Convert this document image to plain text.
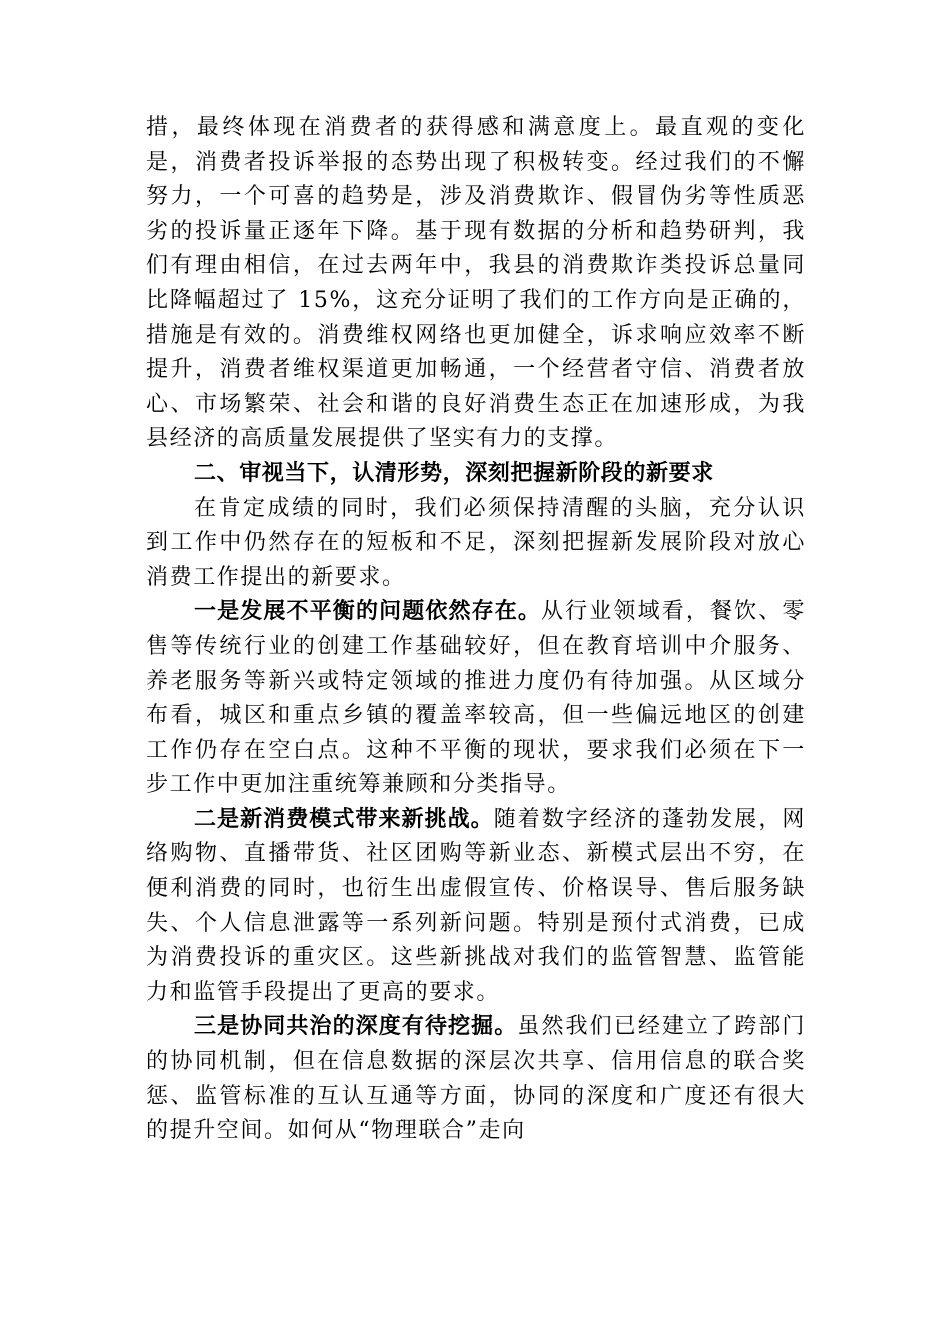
措，最终体现在消费者的获得感和满意度上。最直观的变化是，消费者投诉举报的态势出现了积极转变。经过我们的不懈努力，一个可喜的趋势是，涉及消费欺诈、假冒伪劣等性质恶劣的投诉量正逐年下降。基于现有数据的分析和趋势研判，我们有理由相信，在过去两年中，我县的消费欺诈类投诉总量同比降幅超过了 15%，这充分证明了我们的工作方向是正确的，措施是有效的。消费维权网络也更加健全，诉求响应效率不断提升，消费者维权渠道更加畅通，一个经营者守信、消费者放心、市场繁荣、社会和谐的良好消费生态正在加速形成，为我县经济的高质量发展提供了坚实有力的支撑。

二、审视当下，认清形势，深刻把握新阶段的新要求

在肯定成绩的同时，我们必须保持清醒的头脑，充分认识到工作中仍然存在的短板和不足，深刻把握新发展阶段对放心消费工作提出的新要求。

一是发展不平衡的问题依然存在。从行业领域看，餐饮、零售等传统行业的创建工作基础较好，但在教育培训中介服务、养老服务等新兴或特定领域的推进力度仍有待加强。从区域分布看，城区和重点乡镇的覆盖率较高，但一些偏远地区的创建工作仍存在空白点。这种不平衡的现状，要求我们必须在下一步工作中更加注重统筹兼顾和分类指导。

二是新消费模式带来新挑战。随着数字经济的蓬勃发展，网络购物、直播带货、社区团购等新业态、新模式层出不穷，在便利消费的同时，也衍生出虚假宣传、价格误导、售后服务缺失、个人信息泄露等一系列新问题。特别是预付式消费，已成为消费投诉的重灾区。这些新挑战对我们的监管智慧、监管能力和监管手段提出了更高的要求。

三是协同共治的深度有待挖掘。虽然我们已经建立了跨部门的协同机制，但在信息数据的深层次共享、信用信息的联合奖惩、监管标准的互认互通等方面，协同的深度和广度还有很大的提升空间。如何从“物理联合”走向
